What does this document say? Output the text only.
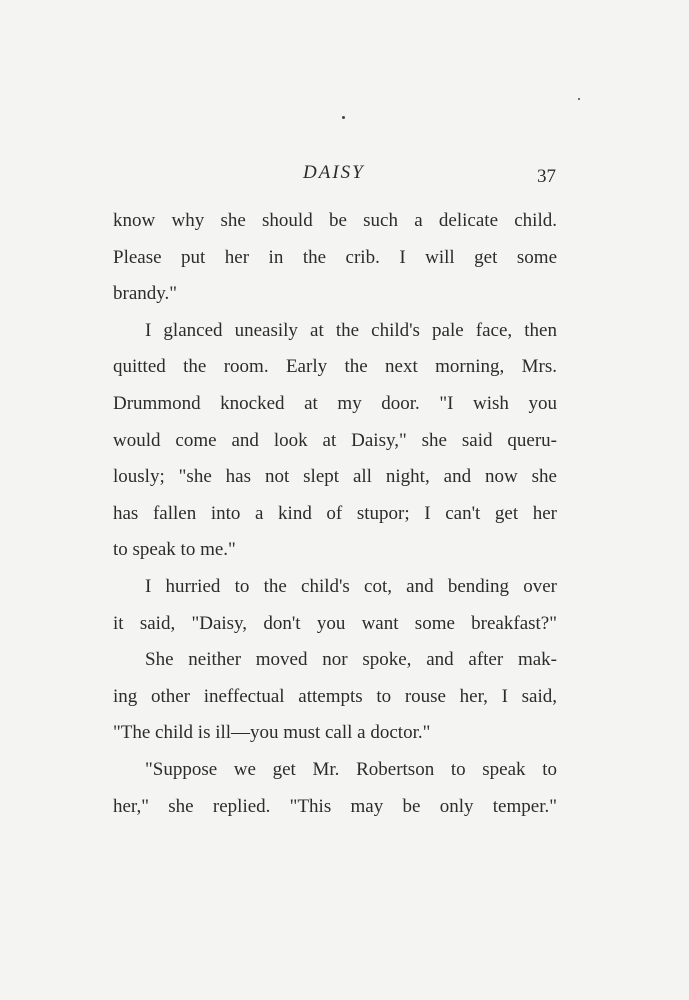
DAISY	37
know why she should be such a delicate child.
Please put her in the crib. I will get some
brandy."
I glanced uneasily at the child's pale face, then
quitted the room. Early the next morning, Mrs.
Drummond knocked at my door. "I wish you
would come and look at Daisy," she said queru-
lously; "she has not slept all night, and now she
has fallen into a kind of stupor; I can't get her
to speak to me."
I hurried to the child's cot, and bending over
it said, "Daisy, don't you want some breakfast?"
She neither moved nor spoke, and after mak-
ing other ineffectual attempts to rouse her, I said,
"The child is ill—you must call a doctor."
"Suppose we get Mr. Robertson to speak to
her," she replied. "This may be only temper."
